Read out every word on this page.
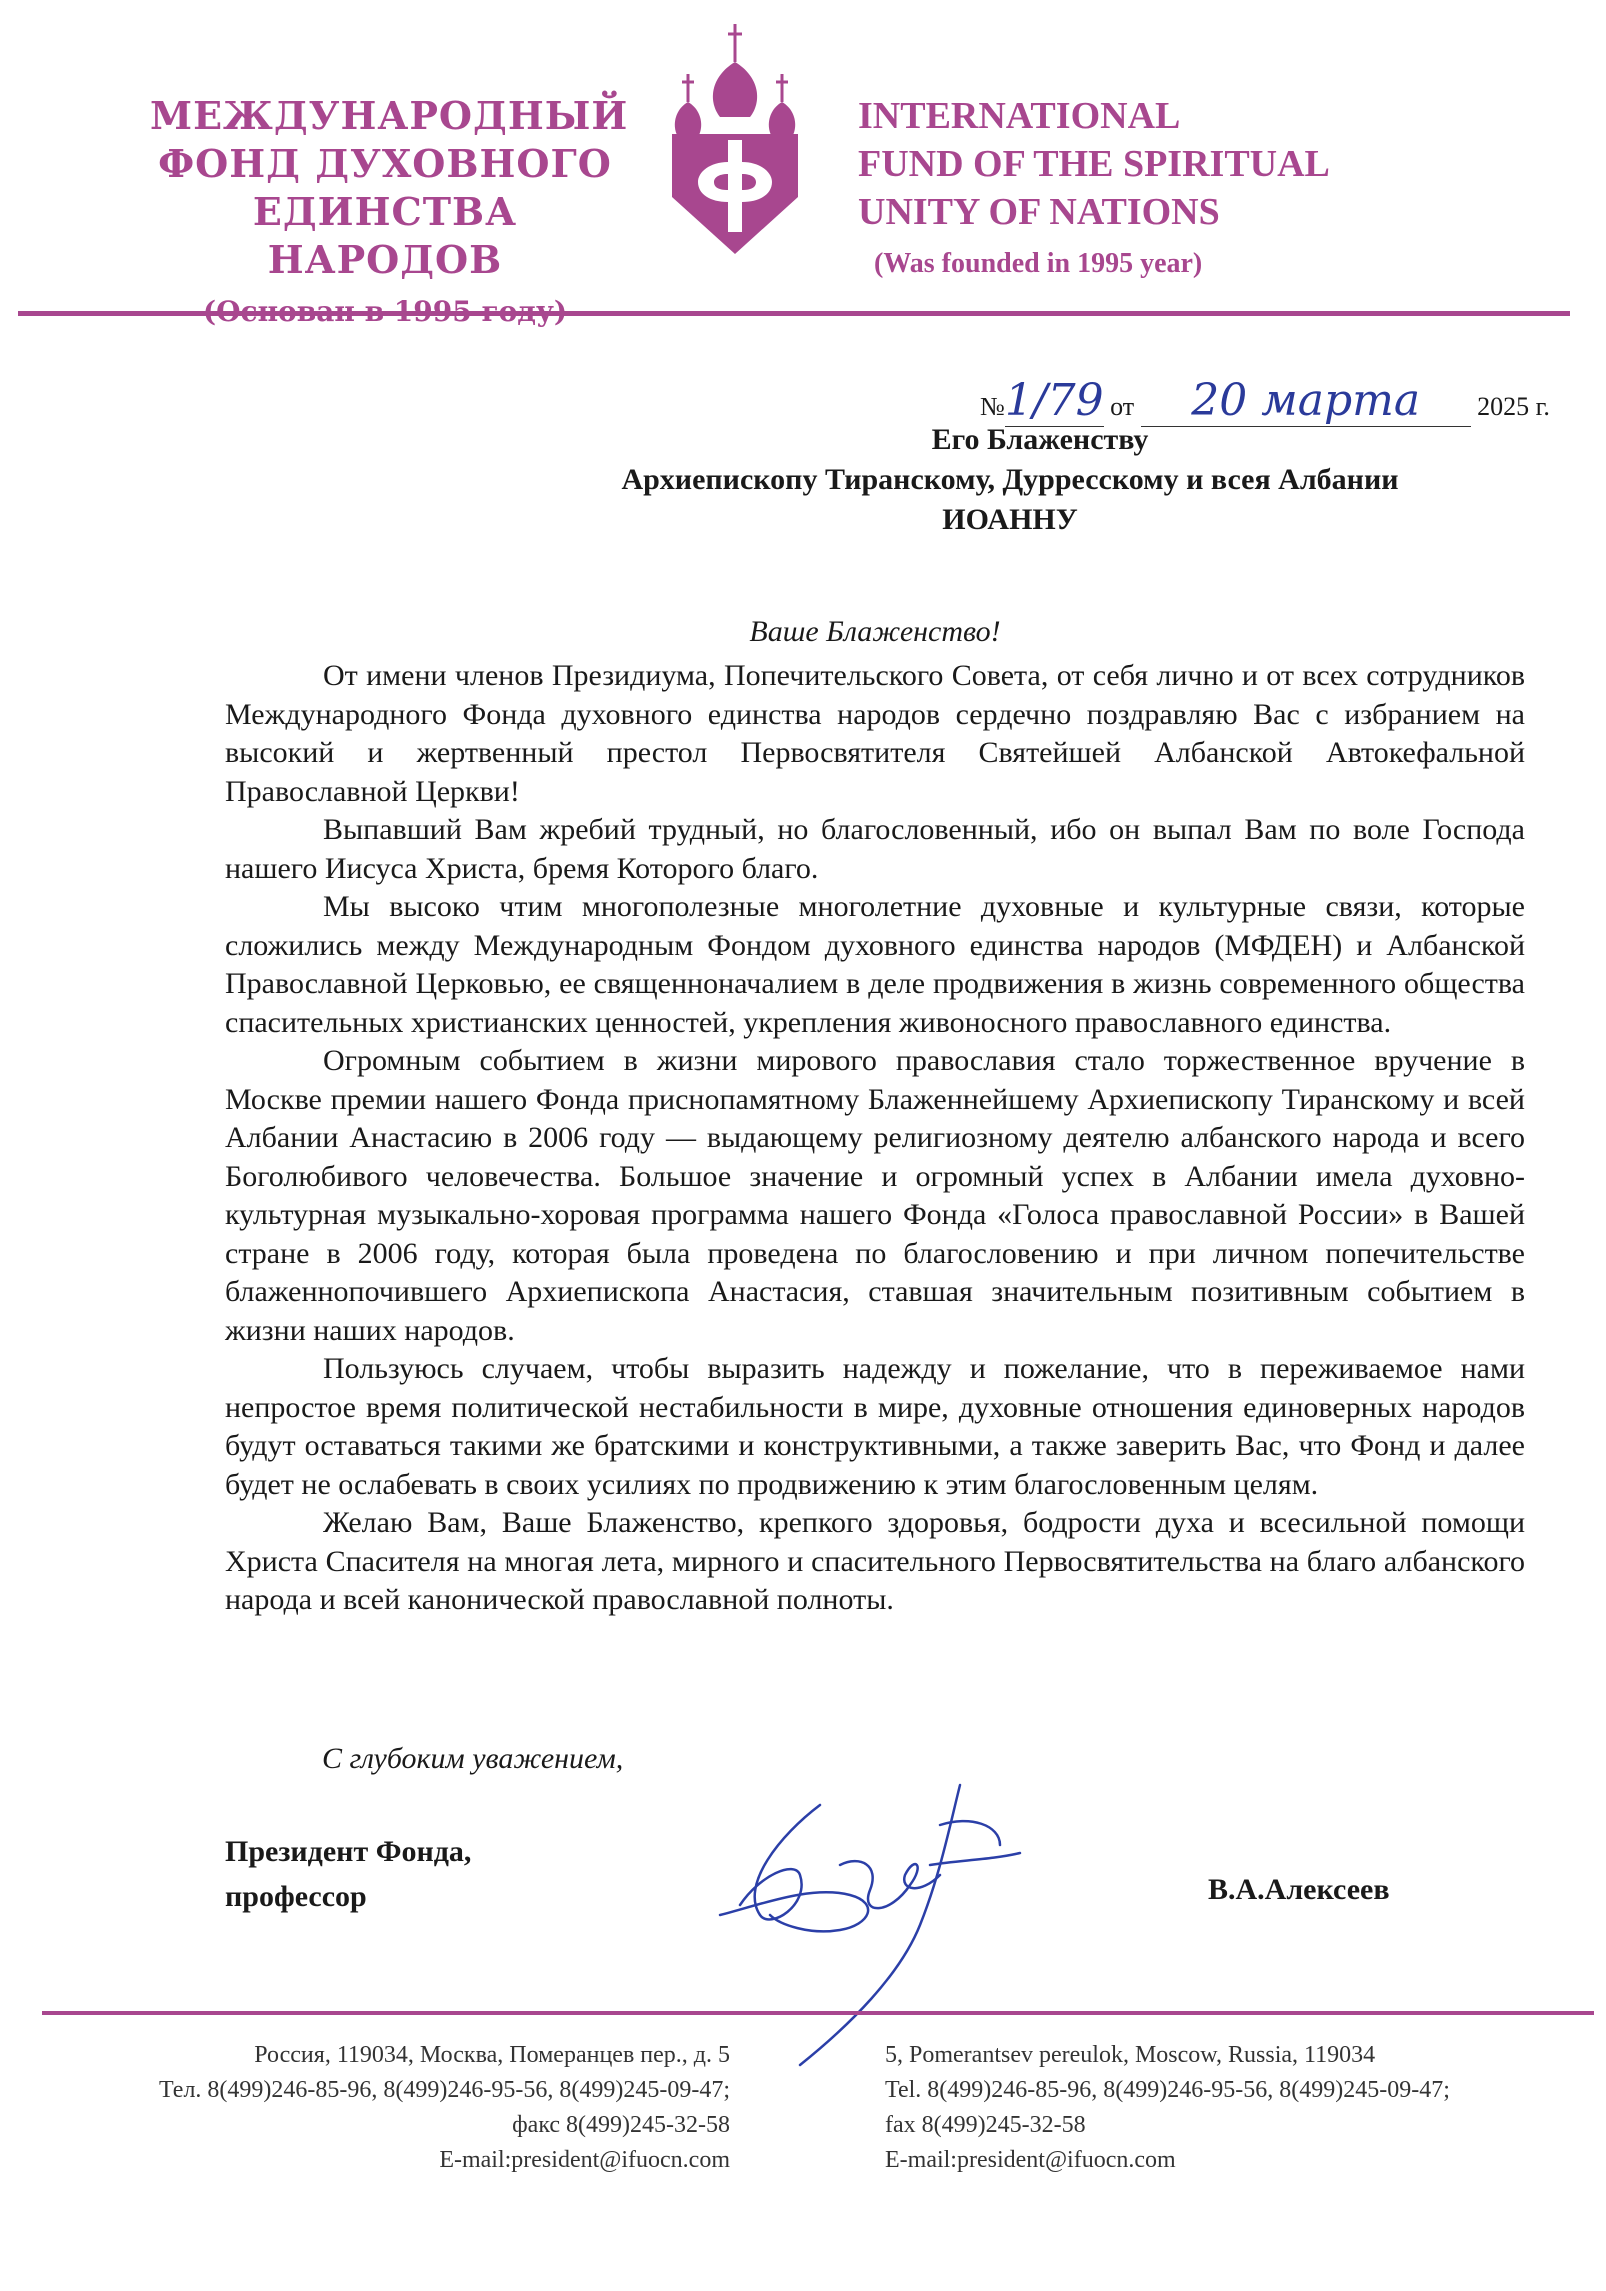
МЕЖДУНАРОДНЫЙ
ФОНД ДУХОВНОГО
ЕДИНСТВА НАРОДОВ
INTERNATIONAL
FUND OF THE SPIRITUAL
UNITY OF NATIONS
(Was founded in 1995 year)
№1/79 от 20 марта 2025 г.
Его Блаженству
Архиепископу Тиранскому, Дурресскому и всея Албании
ИОАННУ
Ваше Блаженство!

От имени членов Президиума, Попечительского Совета, от себя лично и от всех сотрудников Международного Фонда духовного единства народов сердечно поздравляю Вас с избранием на высокий и жертвенный престол Первосвятителя Святейшей Албанской Автокефальной Православной Церкви!

Выпавший Вам жребий трудный, но благословенный, ибо он выпал Вам по воле Господа нашего Иисуса Христа, бремя Которого благо.

Мы высоко чтим многополезные многолетние духовные и культурные связи, которые сложились между Международным Фондом духовного единства народов (МФДЕН) и Албанской Православной Церковью, ее священноначалием в деле продвижения в жизнь современного общества спасительных христианских ценностей, укрепления живоносного православного единства.

Огромным событием в жизни мирового православия стало торжественное вручение в Москве премии нашего Фонда приснопамятному Блаженнейшему Архиепископу Тиранскому и всей Албании Анастасию в 2006 году — выдающему религиозному деятелю албанского народа и всего Боголюбивого человечества. Большое значение и огромный успех в Албании имела духовно-культурная музыкально-хоровая программа нашего Фонда «Голоса православной России» в Вашей стране в 2006 году, которая была проведена по благословению и при личном попечительстве блаженнопочившего Архиепископа Анастасия, ставшая значительным позитивным событием в жизни наших народов.

Пользуюсь случаем, чтобы выразить надежду и пожелание, что в переживаемое нами непростое время политической нестабильности в мире, духовные отношения единоверных народов будут оставаться такими же братскими и конструктивными, а также заверить Вас, что Фонд и далее будет не ослабевать в своих усилиях по продвижению к этим благословенным целям.

Желаю Вам, Ваше Блаженство, крепкого здоровья, бодрости духа и всесильной помощи Христа Спасителя на многая лета, мирного и спасительного Первосвятительства на благо албанского народа и всей канонической православной полноты.

С глубоким уважением,
Президент Фонда,
профессор	В.А.Алексеев
Россия, 119034, Москва, Померанцев пер., д. 5
Тел. 8(499)246-85-96, 8(499)246-95-56, 8(499)245-09-47;
факс 8(499)245-32-58
E-mail:president@ifuocn.com
5, Pomerantsev pereulok, Moscow, Russia, 119034
Tel. 8(499)246-85-96, 8(499)246-95-56, 8(499)245-09-47;
fax 8(499)245-32-58
E-mail:president@ifuocn.com
